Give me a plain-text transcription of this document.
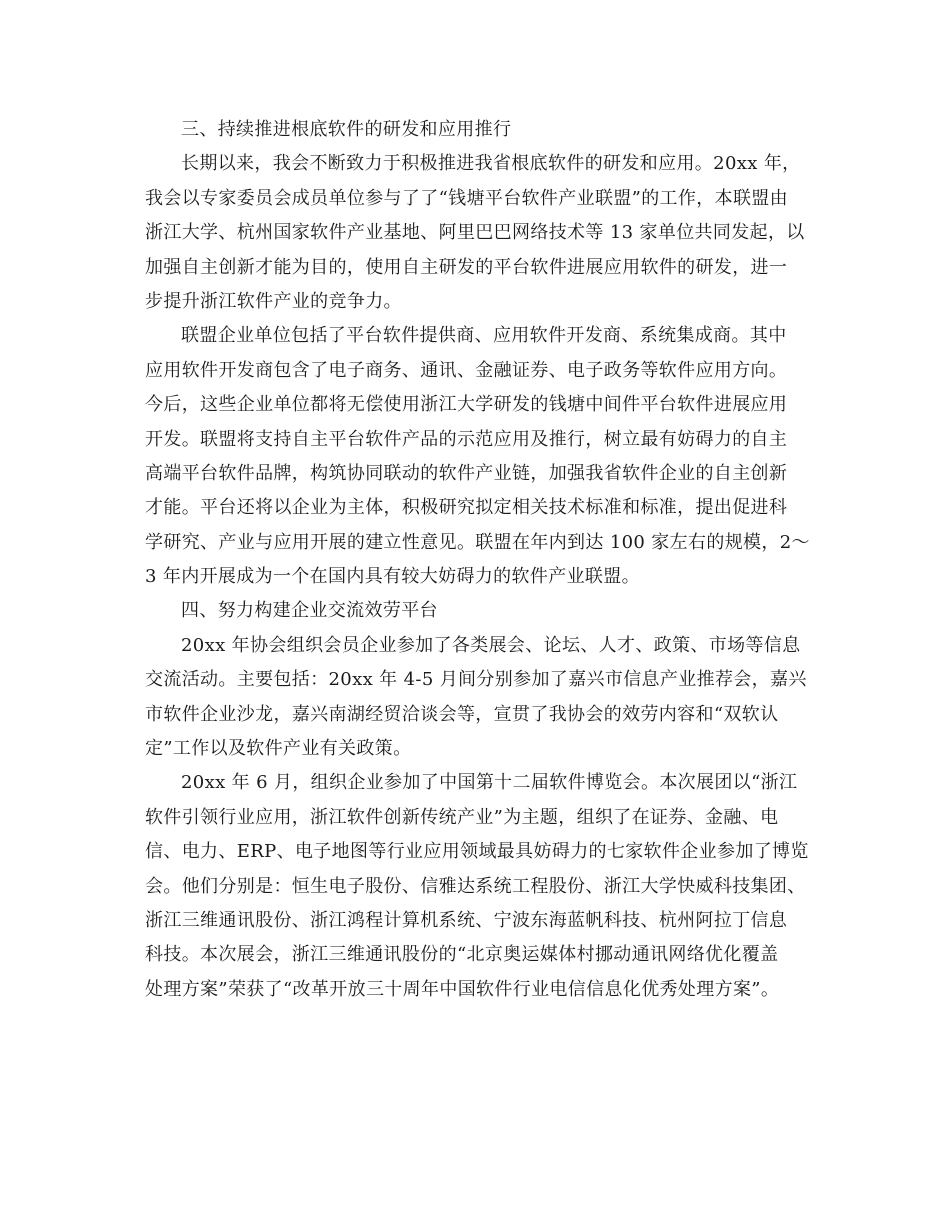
三、持续推进根底软件的研发和应用推行
长期以来，我会不断致力于积极推进我省根底软件的研发和应用。20xx 年，
我会以专家委员会成员单位参与了了“钱塘平台软件产业联盟”的工作，本联盟由
浙江大学、杭州国家软件产业基地、阿里巴巴网络技术等 13 家单位共同发起，以
加强自主创新才能为目的，使用自主研发的平台软件进展应用软件的研发，进一
步提升浙江软件产业的竞争力。
联盟企业单位包括了平台软件提供商、应用软件开发商、系统集成商。其中
应用软件开发商包含了电子商务、通讯、金融证券、电子政务等软件应用方向。
今后，这些企业单位都将无偿使用浙江大学研发的钱塘中间件平台软件进展应用
开发。联盟将支持自主平台软件产品的示范应用及推行，树立最有妨碍力的自主
高端平台软件品牌，构筑协同联动的软件产业链，加强我省软件企业的自主创新
才能。平台还将以企业为主体，积极研究拟定相关技术标准和标准，提出促进科
学研究、产业与应用开展的建立性意见。联盟在年内到达 100 家左右的规模，2～
3 年内开展成为一个在国内具有较大妨碍力的软件产业联盟。
四、努力构建企业交流效劳平台
20xx 年协会组织会员企业参加了各类展会、论坛、人才、政策、市场等信息
交流活动。主要包括：20xx 年 4-5 月间分别参加了嘉兴市信息产业推荐会，嘉兴
市软件企业沙龙，嘉兴南湖经贸洽谈会等，宣贯了我协会的效劳内容和“双软认
定”工作以及软件产业有关政策。
20xx 年 6 月，组织企业参加了中国第十二届软件博览会。本次展团以“浙江
软件引领行业应用，浙江软件创新传统产业”为主题，组织了在证券、金融、电
信、电力、ERP、电子地图等行业应用领域最具妨碍力的七家软件企业参加了博览
会。他们分别是：恒生电子股份、信雅达系统工程股份、浙江大学快威科技集团、
浙江三维通讯股份、浙江鸿程计算机系统、宁波东海蓝帆科技、杭州阿拉丁信息
科技。本次展会，浙江三维通讯股份的“北京奥运媒体村挪动通讯网络优化覆盖
处理方案”荣获了“改革开放三十周年中国软件行业电信信息化优秀处理方案”。
